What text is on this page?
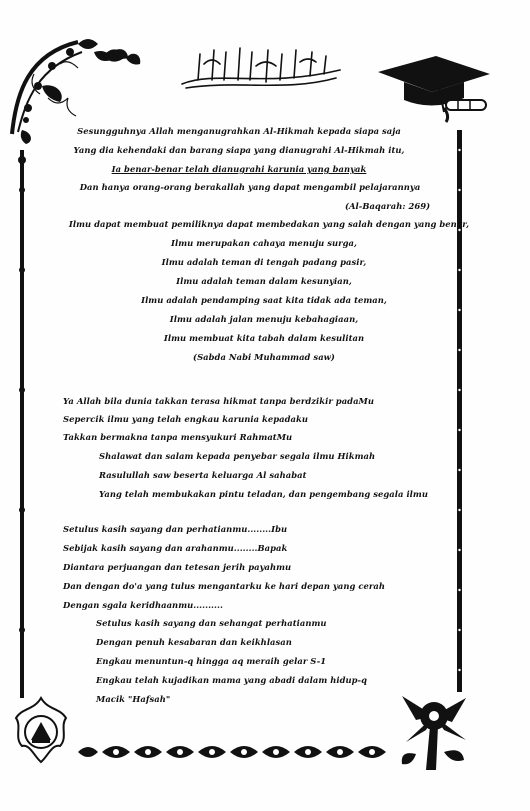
Sesungguhnya Allah menganugrahkan Al-Hikmah kepada siapa saja
Yang dia kehendaki dan barang siapa yang dianugrahi Al-Hikmah itu,
Ia benar-benar telah dianugrahi karunia yang banyak
Dan hanya orang-orang berakallah yang dapat mengambil pelajarannya
(Al-Baqarah: 269)
Ilmu dapat membuat pemiliknya dapat membedakan yang salah dengan yang benar,
Ilmu merupakan cahaya menuju surga,
Ilmu adalah teman di tengah padang pasir,
Ilmu adalah teman dalam kesunyian,
Ilmu adalah pendamping saat kita tidak ada teman,
Ilmu adalah jalan menuju kebahagiaan,
Ilmu membuat kita tabah dalam kesulitan
(Sabda Nabi Muhammad saw)
Ya Allah bila dunia takkan terasa hikmat tanpa berdzikir padaMu
Sepercik ilmu yang telah engkau karunia kepadaku
Takkan bermakna tanpa mensyukuri RahmatMu
Shalawat dan salam kepada penyebar segala ilmu Hikmah
Rasulullah saw beserta keluarga Al sahabat
Yang telah membukakan pintu teladan, dan pengembang segala ilmu
Setulus kasih sayang dan perhatianmu........Ibu
Sebijak kasih sayang dan arahanmu........Bapak
Diantara perjuangan dan tetesan jerih payahmu
Dan dengan do'a yang tulus mengantarku ke hari depan yang cerah
Dengan sgala keridhaanmu..........
Setulus kasih sayang dan sehangat perhatianmu
Dengan penuh kesabaran dan keikhlasan
Engkau menuntun-q hingga aq meraih gelar S-1
Engkau telah kujadikan mama yang abadi dalam hidup-q
Macik "Hafsah"
